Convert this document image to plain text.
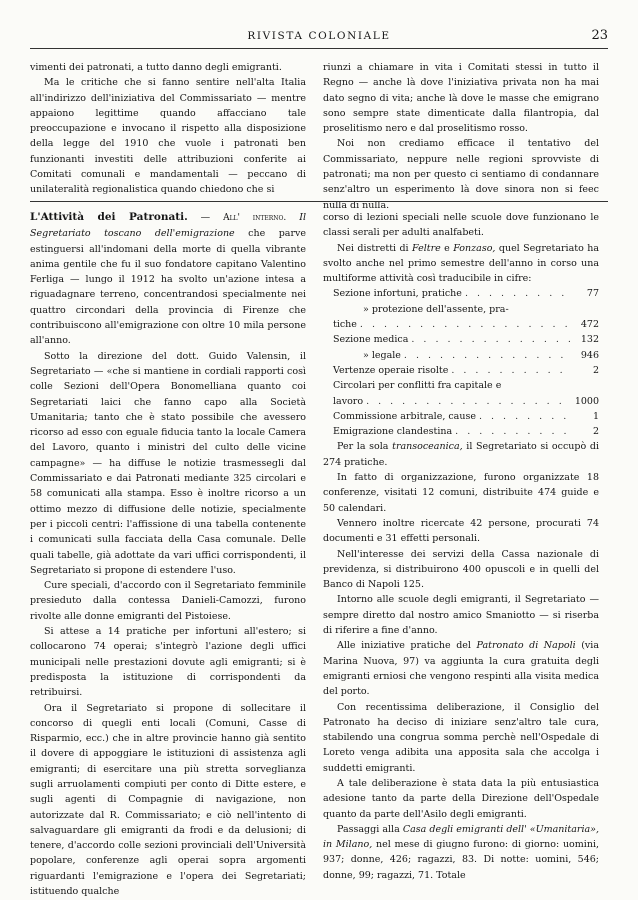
RIVISTA COLONIALE	23

vimenti dei patronati, a tutto danno degli emigranti.

Ma le critiche che si fanno sentire nell'alta Italia all'indirizzo dell'iniziativa del Commissariato — mentre appaiono legittime quando affacciano tale preoccupazione e invocano il rispetto alla disposizione della legge del 1910 che vuole i patronati ben funzionanti investiti delle attribuzioni conferite ai Comitati comunali e mandamentali — peccano di unilateralità regionalistica quando chiedono che si

riunzi a chiamare in vita i Comitati stessi in tutto il Regno — anche là dove l'iniziativa privata non ha mai dato segno di vita; anche là dove le masse che emigrano sono sempre state dimenticate dalla filantropia, dal proselitismo nero e dal proselitismo rosso.

Noi non crediamo efficace il tentativo del Commissariato, neppure nelle regioni sprovviste di patronati; ma non per questo ci sentiamo di condannare senz'altro un esperimento là dove sinora non si feec nulla di nulla.

L'Attività dei Patronati. — All' interno. Il Segretariato toscano dell'emigrazione che parve estinguersi all'indomani della morte di quella vibrante anima gentile che fu il suo fondatore capitano Valentino Ferliga — lungo il 1912 ha svolto un'azione intesa a riguadagnare terreno, concentrandosi specialmente nei quattro circondari della provincia di Firenze che contribuiscono all'emigrazione con oltre 10 mila persone all'anno.

Sotto la direzione del dott. Guido Valensin, il Segretariato — «che si mantiene in cordiali rapporti così colle Sezioni dell'Opera Bonomelliana quanto coi Segretariati laici che fanno capo alla Società Umanitaria; tanto che è stato possibile che avessero ricorso ad esso con eguale fiducia tanto la locale Camera del Lavoro, quanto i ministri del culto delle vicine campagne» — ha diffuse le notizie trasmessegli dal Commissariato e dai Patronati mediante 325 circolari e 58 comunicati alla stampa. Esso è inoltre ricorso a un ottimo mezzo di diffusione delle notizie, specialmente per i piccoli centri: l'affissione di una tabella contenente i comunicati sulla facciata della Casa comunale. Delle quali tabelle, già adottate da vari uffici corrispondenti, il Segretariato si propone di estendere l'uso.

Cure speciali, d'accordo con il Segretariato femminile presieduto dalla contessa Danieli-Camozzi, furono rivolte alle donne emigranti del Pistoiese.

Si attese a 14 pratiche per infortuni all'estero; si collocarono 74 operai; s'integrò l'azione degli uffici municipali nelle prestazioni dovute agli emigranti; si è predisposta la istituzione di corrispondenti da retribuirsi.

Ora il Segretariato si propone di sollecitare il concorso di quegli enti locali (Comuni, Casse di Risparmio, ecc.) che in altre provincie hanno già sentito il dovere di appoggiare le istituzioni di assistenza agli emigranti; di esercitare una più stretta sorveglianza sugli arruolamenti compiuti per conto di Ditte estere, e sugli agenti di Compagnie di navigazione, non autorizzate dal R. Commissariato; e ciò nell'intento di salvaguardare gli emigranti da frodi e da delusioni; di tenere, d'accordo colle sezioni provinciali dell'Università popolare, conferenze agli operai sopra argomenti riguardanti l'emigrazione e l'opera dei Segretariati; istituendo qualche

corso di lezioni speciali nelle scuole dove funzionano le classi serali per adulti analfabeti.

Nei distretti di Feltre e Fonzaso, quel Segretariato ha svolto anche nel primo semestre dell'anno in corso una multiforme attività così traducibile in cifre:

Sezione infortuni, pratiche . . .	77
» protezione dell'assente, pra-
tiche . . .	472
Sezione medica . . .	132
» legale . . .	946
Vertenze operaie risolte . . .	2
Circolari per conflitti fra capitale e
lavoro . . .	1000
Commissione arbitrale, cause . . .	1
Emigrazione clandestina . . .	2

Per la sola transoceanica, il Segretariato si occupò di 274 pratiche.

In fatto di organizzazione, furono organizzate 18 conferenze, visitati 12 comuni, distribuite 474 guide e 50 calendari.

Vennero inoltre ricercate 42 persone, procurati 74 documenti e 31 effetti personali.

Nell'interesse dei servizi della Cassa nazionale di previdenza, si distribuirono 400 opuscoli e in quelli del Banco di Napoli 125.

Intorno alle scuole degli emigranti, il Segretariato — sempre diretto dal nostro amico Smaniotto — si riserba di riferire a fine d'anno.

Alle iniziative pratiche del Patronato di Napoli (via Marina Nuova, 97) va aggiunta la cura gratuita degli emigranti erniosi che vengono respinti alla visita medica del porto.

Con recentissima deliberazione, il Consiglio del Patronato ha deciso di iniziare senz'altro tale cura, stabilendo una congrua somma perchè nell'Ospedale di Loreto venga adibita una apposita sala che accolga i suddetti emigranti.

A tale deliberazione è stata data la più entusiastica adesione tanto da parte della Direzione dell'Ospedale quanto da parte dell'Asilo degli emigranti.

Passaggi alla Casa degli emigranti dell' «Umanitaria», in Milano, nel mese di giugno furono: di giorno: uomini, 937; donne, 426; ragazzi, 83. Di notte: uomini, 546; donne, 99; ragazzi, 71. Totale
